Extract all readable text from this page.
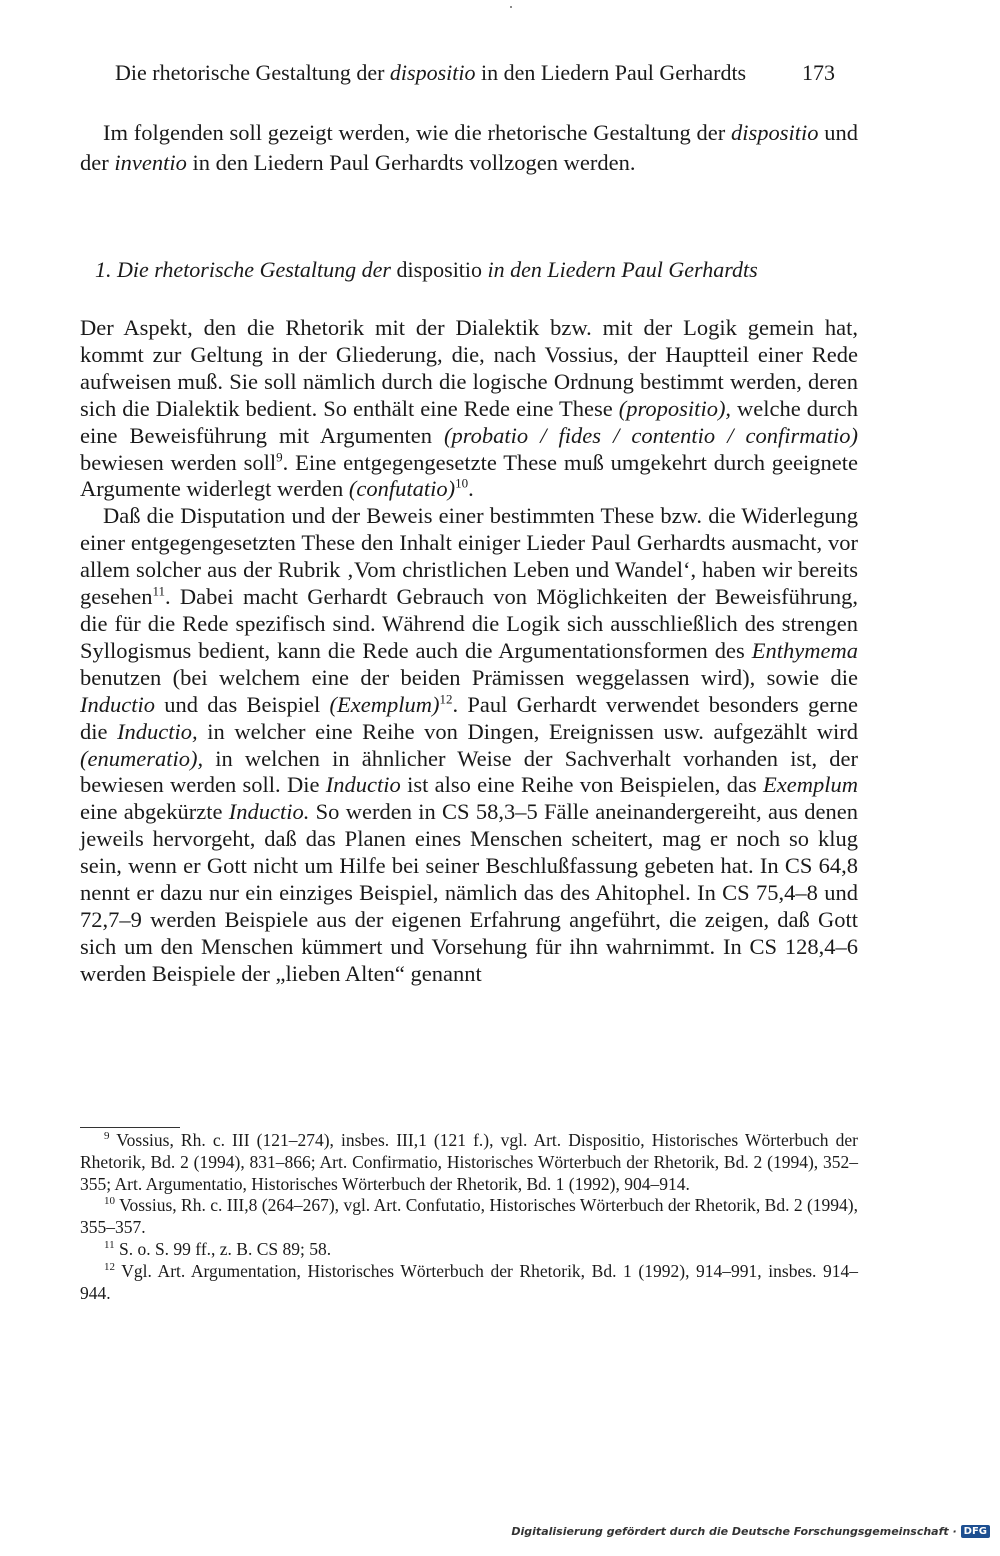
Die rhetorische Gestaltung der dispositio in den Liedern Paul Gerhardts	173
Im folgenden soll gezeigt werden, wie die rhetorische Gestaltung der dispositio und der inventio in den Liedern Paul Gerhardts vollzogen werden.
1. Die rhetorische Gestaltung der dispositio in den Liedern Paul Gerhardts

Der Aspekt, den die Rhetorik mit der Dialektik bzw. mit der Logik gemein hat, kommt zur Geltung in der Gliederung, die, nach Vossius, der Hauptteil einer Rede aufweisen muß. Sie soll nämlich durch die logische Ordnung bestimmt werden, deren sich die Dialektik bedient. So enthält eine Rede eine These (propositio), welche durch eine Beweisführung mit Argumenten (probatio / fides / contentio / confirmatio) bewiesen werden soll$^9$. Eine entgegengesetzte These muß umgekehrt durch geeignete Argumente widerlegt werden (confutatio)$^{10}$.

Daß die Disputation und der Beweis einer bestimmten These bzw. die Widerlegung einer entgegengesetzten These den Inhalt einiger Lieder Paul Gerhardts ausmacht, vor allem solcher aus der Rubrik ‚Vom christlichen Leben und Wandel‘, haben wir bereits gesehen$^{11}$. Dabei macht Gerhardt Gebrauch von Möglichkeiten der Beweisführung, die für die Rede spezifisch sind. Während die Logik sich ausschließlich des strengen Syllogismus bedient, kann die Rede auch die Argumentationsformen des Enthymema benutzen (bei welchem eine der beiden Prämissen weggelassen wird), sowie die Inductio und das Beispiel (Exemplum)$^{12}$. Paul Gerhardt verwendet besonders gerne die Inductio, in welcher eine Reihe von Dingen, Ereignissen usw. aufgezählt wird (enumeratio), in welchen in ähnlicher Weise der Sachverhalt vorhanden ist, der bewiesen werden soll. Die Inductio ist also eine Reihe von Beispielen, das Exemplum eine abgekürzte Inductio. So werden in CS 58,3–5 Fälle aneinandergereiht, aus denen jeweils hervorgeht, daß das Planen eines Menschen scheitert, mag er noch so klug sein, wenn er Gott nicht um Hilfe bei seiner Beschlußfassung gebeten hat. In CS 64,8 nennt er dazu nur ein einziges Beispiel, nämlich das des Ahitophel. In CS 75,4–8 und 72,7–9 werden Beispiele aus der eigenen Erfahrung angeführt, die zeigen, daß Gott sich um den Menschen kümmert und Vorsehung für ihn wahrnimmt. In CS 128,4–6 werden Beispiele der „lieben Alten“ genannt

$^9$ Vossius, Rh. c. III (121–274), insbes. III,1 (121 f.), vgl. Art. Dispositio, Historisches Wörterbuch der Rhetorik, Bd. 2 (1994), 831–866; Art. Confirmatio, Historisches Wörterbuch der Rhetorik, Bd. 2 (1994), 352–355; Art. Argumentatio, Historisches Wörterbuch der Rhetorik, Bd. 1 (1992), 904–914.

$^{10}$ Vossius, Rh. c. III,8 (264–267), vgl. Art. Confutatio, Historisches Wörterbuch der Rhetorik, Bd. 2 (1994), 355–357.

$^{11}$ S. o. S. 99 ff., z. B. CS 89; 58.

$^{12}$ Vgl. Art. Argumentation, Historisches Wörterbuch der Rhetorik, Bd. 1 (1992), 914–991, insbes. 914–944.

Digitalisierung gefördert durch die Deutsche Forschungsgemeinschaft · DFG
